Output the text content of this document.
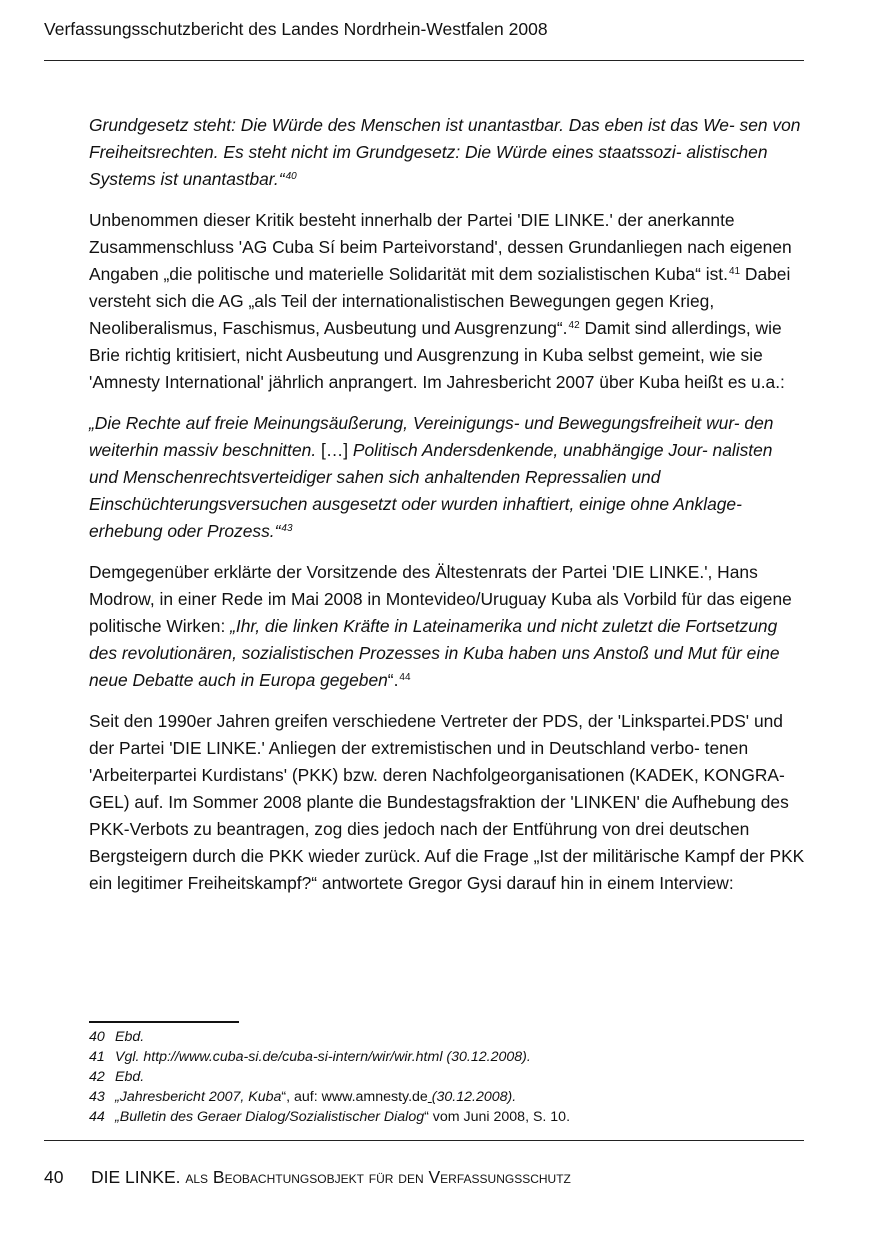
Verfassungsschutzbericht des Landes Nordrhein-Westfalen 2008

Grundgesetz steht: Die Würde des Menschen ist unantastbar. Das eben ist das We- sen von Freiheitsrechten. Es steht nicht im Grundgesetz: Die Würde eines staatssozi- alistischen Systems ist unantastbar.“$^{40}$

Unbenommen dieser Kritik besteht innerhalb der Partei 'DIE LINKE.' der anerkannte Zusammenschluss 'AG Cuba Sí beim Parteivorstand', dessen Grundanliegen nach eigenen Angaben „die politische und materielle Solidarität mit dem sozialistischen Kuba“ ist.$^{41}$ Dabei versteht sich die AG „als Teil der internationalistischen Bewegungen gegen Krieg, Neoliberalismus, Faschismus, Ausbeutung und Ausgrenzung“.$^{42}$ Damit sind allerdings, wie Brie richtig kritisiert, nicht Ausbeutung und Ausgrenzung in Kuba selbst gemeint, wie sie 'Amnesty International' jährlich anprangert. Im Jahresbericht 2007 über Kuba heißt es u.a.:

„Die Rechte auf freie Meinungsäußerung, Vereinigungs- und Bewegungsfreiheit wur- den weiterhin massiv beschnitten. […] Politisch Andersdenkende, unabhängige Jour- nalisten und Menschenrechtsverteidiger sahen sich anhaltenden Repressalien und Einschüchterungsversuchen ausgesetzt oder wurden inhaftiert, einige ohne Anklage- erhebung oder Prozess.“$^{43}$

Demgegenüber erklärte der Vorsitzende des Ältestenrats der Partei 'DIE LINKE.', Hans Modrow, in einer Rede im Mai 2008 in Montevideo/Uruguay Kuba als Vorbild für das eigene politische Wirken: „Ihr, die linken Kräfte in Lateinamerika und nicht zuletzt die Fortsetzung des revolutionären, sozialistischen Prozesses in Kuba haben uns Anstoß und Mut für eine neue Debatte auch in Europa gegeben“.$^{44}$

Seit den 1990er Jahren greifen verschiedene Vertreter der PDS, der 'Linkspartei.PDS' und der Partei 'DIE LINKE.' Anliegen der extremistischen und in Deutschland verbo- tenen 'Arbeiterpartei Kurdistans' (PKK) bzw. deren Nachfolgeorganisationen (KADEK, KONGRA-GEL) auf. Im Sommer 2008 plante die Bundestagsfraktion der 'LINKEN' die Aufhebung des PKK-Verbots zu beantragen, zog dies jedoch nach der Entführung von drei deutschen Bergsteigern durch die PKK wieder zurück. Auf die Frage „Ist der militärische Kampf der PKK ein legitimer Freiheitskampf?“ antwortete Gregor Gysi darauf hin in einem Interview:

40 Ebd.
41 Vgl. http://www.cuba-si.de/cuba-si-intern/wir/wir.html (30.12.2008).
42 Ebd.
43 „Jahresbericht 2007, Kuba“, auf: www.amnesty.de (30.12.2008).
44 „Bulletin des Geraer Dialog/Sozialistischer Dialog“ vom Juni 2008, S. 10.
40 DIE LINKE. als Beobachtungsobjekt für den Verfassungsschutz
